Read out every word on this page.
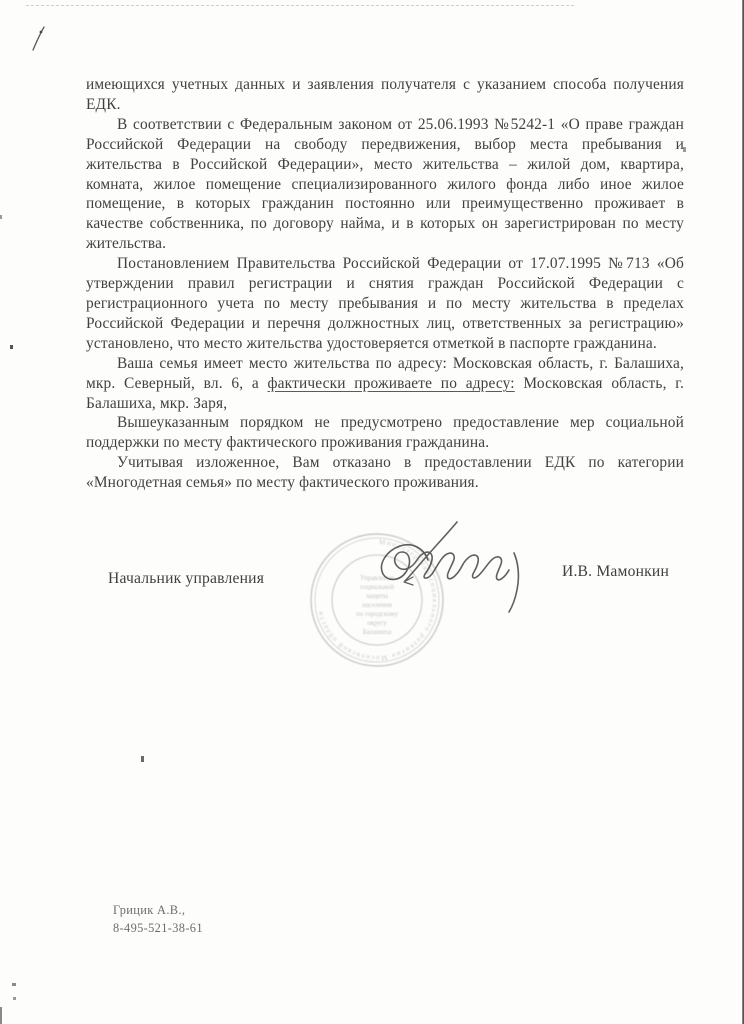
имеющихся учетных данных и заявления получателя с указанием способа получения ЕДК.

В соответствии с Федеральным законом от 25.06.1993 №5242-1 «О праве граждан Российской Федерации на свободу передвижения, выбор места пребывания и жительства в Российской Федерации», место жительства – жилой дом, квартира, комната, жилое помещение специализированного жилого фонда либо иное жилое помещение, в которых гражданин постоянно или преимущественно проживает в качестве собственника, по договору найма, и в которых он зарегистрирован по месту жительства.

Постановлением Правительства Российской Федерации от 17.07.1995 №713 «Об утверждении правил регистрации и снятия граждан Российской Федерации с регистрационного учета по месту пребывания и по месту жительства в пределах Российской Федерации и перечня должностных лиц, ответственных за регистрацию» установлено, что место жительства удостоверяется отметкой в паспорте гражданина.

Ваша семья имеет место жительства по адресу: Московская область, г. Балашиха, мкр. Северный, вл. 6, а фактически проживаете по адресу: Московская область, г. Балашиха, мкр. Заря,

Вышеуказанным порядком не предусмотрено предоставление мер социальной поддержки по месту фактического проживания гражданина.

Учитывая изложенное, Вам отказано в предоставлении ЕДК по категории «Многодетная семья» по месту фактического проживания.

Начальник управления	И.В. Мамонкин
Министерство социального развития Московской области
Управление
социальной
защиты
населения
по городскому
округу
Балашиха
Грицик А.В.,
8-495-521-38-61
